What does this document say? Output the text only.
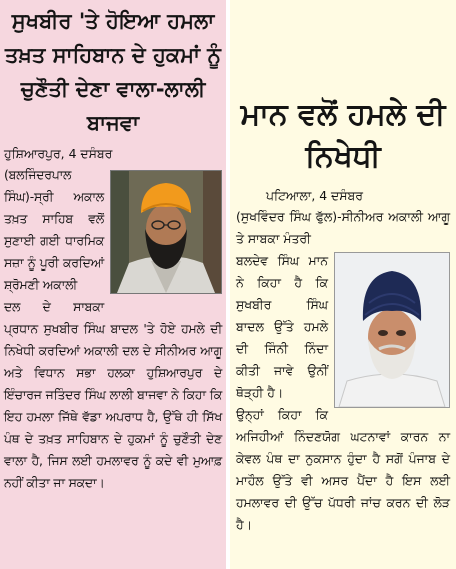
ਸੁਖਬੀਰ 'ਤੇ ਹੋਇਆ ਹਮਲਾ ਤਖ਼ਤ ਸਾਹਿਬਾਨ ਦੇ ਹੁਕਮਾਂ ਨੂੰ ਚੁਣੌਤੀ ਦੇਣਾ ਵਾਲਾ-ਲਾਲੀ ਬਾਜਵਾ
ਹੁਸ਼ਿਆਰਪੁਰ, 4 ਦਸੰਬਰ

(ਬਲਜਿੰਦਰਪਾਲ ਸਿੰਘ)-ਸ੍ਰੀ ਅਕਾਲ ਤਖ਼ਤ ਸਾਹਿਬ ਵਲੋਂ ਸੁਣਾਈ ਗਈ ਧਾਰਮਿਕ ਸਜ਼ਾ ਨੂੰ ਪੂਰੀ ਕਰਦਿਆਂ ਸ਼੍ਰੋਮਣੀ ਅਕਾਲੀ

ਦਲ ਦੇ ਸਾਬਕਾ ਪ੍ਰਧਾਨ ਸੁਖਬੀਰ ਸਿੰਘ ਬਾਦਲ 'ਤੇ ਹੋਏ ਹਮਲੇ ਦੀ ਨਿਖੇਧੀ ਕਰਦਿਆਂ ਅਕਾਲੀ ਦਲ ਦੇ ਸੀਨੀਅਰ ਆਗੂ ਅਤੇ ਵਿਧਾਨ ਸਭਾ ਹਲਕਾ ਹੁਸ਼ਿਆਰਪੁਰ ਦੇ ਇੰਚਾਰਜ ਜਤਿੰਦਰ ਸਿੰਘ ਲਾਲੀ ਬਾਜਵਾ ਨੇ ਕਿਹਾ ਕਿ ਇਹ ਹਮਲਾ ਜਿੱਥੇ ਵੱਡਾ ਅਪਰਾਧ ਹੈ, ਉੱਥੇ ਹੀ ਸਿੱਖ ਪੰਥ ਦੇ ਤਖ਼ਤ ਸਾਹਿਬਾਨ ਦੇ ਹੁਕਮਾਂ ਨੂੰ ਚੁਣੌਤੀ ਦੇਣ ਵਾਲਾ ਹੈ, ਜਿਸ ਲਈ ਹਮਲਾਵਰ ਨੂੰ ਕਦੇ ਵੀ ਮੁਆਫ਼ ਨਹੀਂ ਕੀਤਾ ਜਾ ਸਕਦਾ।

ਮਾਨ ਵਲੋਂ ਹਮਲੇ ਦੀ ਨਿਖੇਧੀ
ਪਟਿਆਲਾ, 4 ਦਸੰਬਰ

(ਸੁਖਵਿੰਦਰ ਸਿੰਘ ਫੁੱਲ)-ਸੀਨੀਅਰ ਅਕਾਲੀ ਆਗੂ ਤੇ ਸਾਬਕਾ ਮੰਤਰੀ

ਬਲਦੇਵ ਸਿੰਘ ਮਾਨ ਨੇ ਕਿਹਾ ਹੈ ਕਿ ਸੁਖਬੀਰ ਸਿੰਘ ਬਾਦਲ ਉੱਤੇ ਹਮਲੇ ਦੀ ਜਿੰਨੀ ਨਿੰਦਾ ਕੀਤੀ ਜਾਵੇ ਉਨੀਂ ਥੋੜ੍ਹੀ ਹੈ।

ਉਨ੍ਹਾਂ ਕਿਹਾ ਕਿ ਅਜਿਹੀਆਂ ਨਿੰਦਣਯੋਗ ਘਟਨਾਵਾਂ ਕਾਰਨ ਨਾ ਕੇਵਲ ਪੰਥ ਦਾ ਨੁਕਸਾਨ ਹੁੰਦਾ ਹੈ ਸਗੋਂ ਪੰਜਾਬ ਦੇ ਮਾਹੌਲ ਉੱਤੇ ਵੀ ਅਸਰ ਪੈਂਦਾ ਹੈ ਇਸ ਲਈ ਹਮਲਾਵਰ ਦੀ ਉੱਚ ਪੱਧਰੀ ਜਾਂਚ ਕਰਨ ਦੀ ਲੋੜ ਹੈ।
